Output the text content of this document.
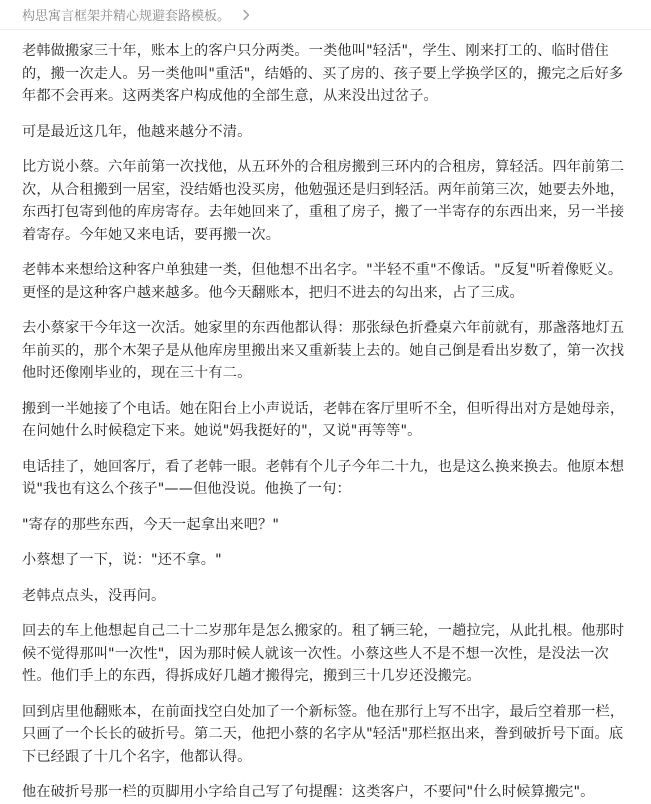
构思寓言框架并精心规避套路模板。

老韩做搬家三十年，账本上的客户只分两类。一类他叫"轻活"，学生、刚来打工的、临时借住的，搬一次走人。另一类他叫"重活"，结婚的、买了房的、孩子要上学换学区的，搬完之后好多年都不会再来。这两类客户构成他的全部生意，从来没出过岔子。

可是最近这几年，他越来越分不清。

比方说小蔡。六年前第一次找他，从五环外的合租房搬到三环内的合租房，算轻活。四年前第二次，从合租搬到一居室，没结婚也没买房，他勉强还是归到轻活。两年前第三次，她要去外地，东西打包寄到他的库房寄存。去年她回来了，重租了房子，搬了一半寄存的东西出来，另一半接着寄存。今年她又来电话，要再搬一次。

老韩本来想给这种客户单独建一类，但他想不出名字。"半轻不重"不像话。"反复"听着像贬义。更怪的是这种客户越来越多。他今天翻账本，把归不进去的勾出来，占了三成。

去小蔡家干今年这一次活。她家里的东西他都认得：那张绿色折叠桌六年前就有，那盏落地灯五年前买的，那个木架子是从他库房里搬出来又重新装上去的。她自己倒是看出岁数了，第一次找他时还像刚毕业的，现在三十有二。

搬到一半她接了个电话。她在阳台上小声说话，老韩在客厅里听不全，但听得出对方是她母亲，在问她什么时候稳定下来。她说"妈我挺好的"，又说"再等等"。

电话挂了，她回客厅，看了老韩一眼。老韩有个儿子今年二十九，也是这么换来换去。他原本想说"我也有这么个孩子"——但他没说。他换了一句：

"寄存的那些东西，今天一起拿出来吧？"

小蔡想了一下，说："还不拿。"

老韩点点头，没再问。

回去的车上他想起自己二十二岁那年是怎么搬家的。租了辆三轮，一趟拉完，从此扎根。他那时候不觉得那叫"一次性"，因为那时候人就该一次性。小蔡这些人不是不想一次性，是没法一次性。他们手上的东西，得拆成好几趟才搬得完，搬到三十几岁还没搬完。

回到店里他翻账本，在前面找空白处加了一个新标签。他在那行上写不出字，最后空着那一栏，只画了一个长长的破折号。第二天，他把小蔡的名字从"轻活"那栏抠出来，誊到破折号下面。底下已经跟了十几个名字，他都认得。

他在破折号那一栏的页脚用小字给自己写了句提醒：这类客户，不要问"什么时候算搬完"。
